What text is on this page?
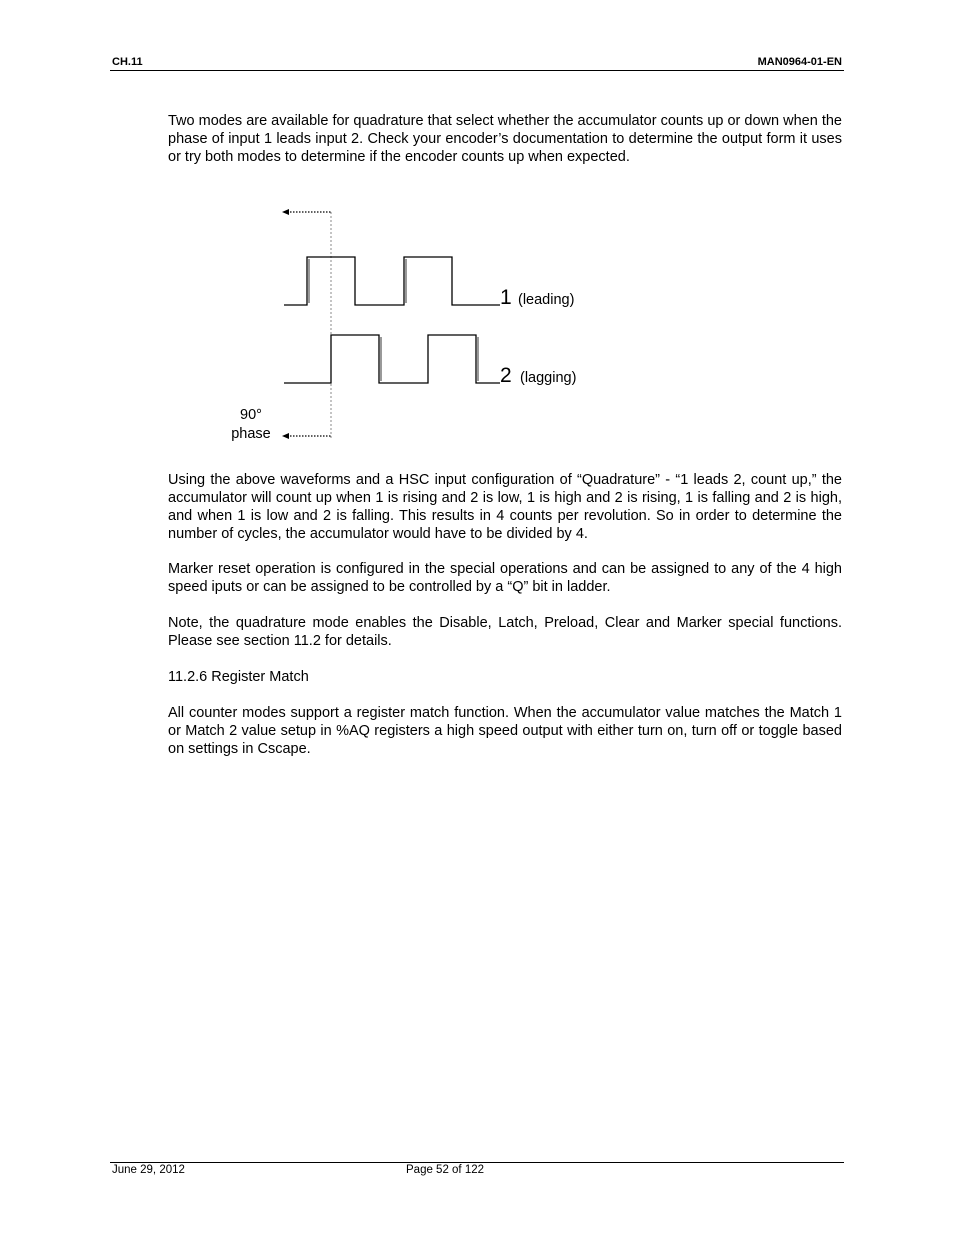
CH.11	MAN0964-01-EN

Two modes are available for quadrature that select whether the accumulator counts up or down when the phase of input 1 leads input 2. Check your encoder’s documentation to determine the output form it uses or try both modes to determine if the encoder counts up when expected.

1 (leading)
2 (lagging)
90°
phase

Using the above waveforms and a HSC input configuration of “Quadrature” - “1 leads 2, count up,” the accumulator will count up when 1 is rising and 2 is low, 1 is high and 2 is rising, 1 is falling and 2 is high, and when 1 is low and 2 is falling. This results in 4 counts per revolution. So in order to determine the number of cycles, the accumulator would have to be divided by 4.

Marker reset operation is configured in the special operations and can be assigned to any of the 4 high speed iputs or can be assigned to be controlled by a “Q” bit in ladder.

Note, the quadrature mode enables the Disable, Latch, Preload, Clear and Marker special functions. Please see section 11.2 for details.

11.2.6 Register Match

All counter modes support a register match function. When the accumulator value matches the Match 1 or Match 2 value setup in %AQ registers a high speed output with either turn on, turn off or toggle based on settings in Cscape.

June 29, 2012	Page 52 of 122
